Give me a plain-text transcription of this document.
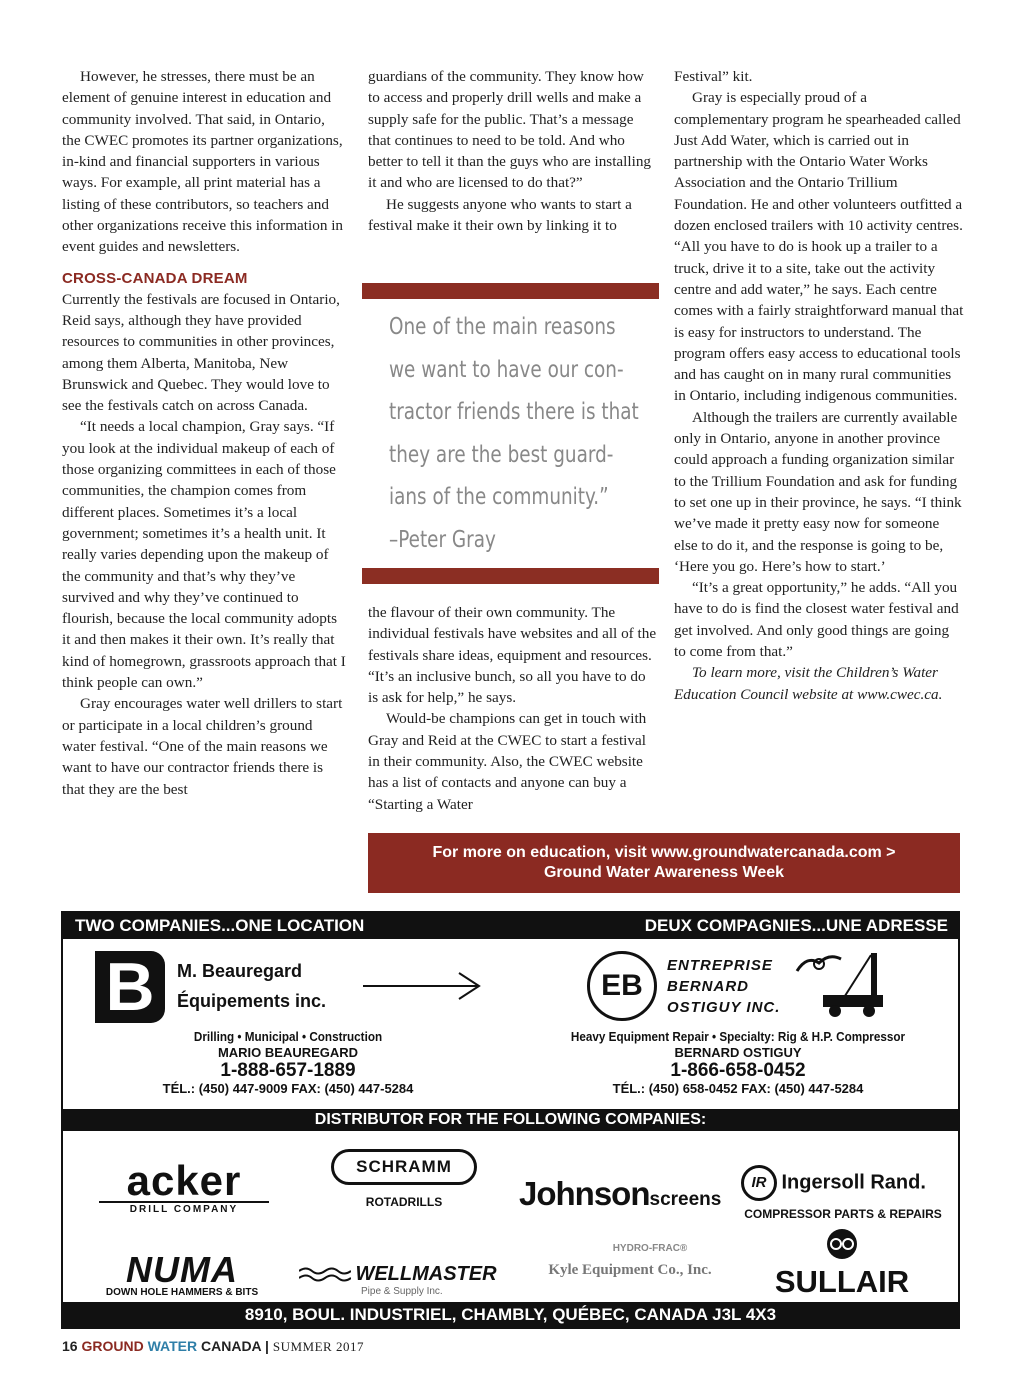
However, he stresses, there must be an element of genuine interest in education and community involved. That said, in Ontario, the CWEC promotes its partner organizations, in-kind and financial supporters in various ways. For example, all print material has a listing of these contributors, so teachers and other organizations receive this information in event guides and newsletters.

CROSS-CANADA DREAM

Currently the festivals are focused in Ontario, Reid says, although they have provided resources to communities in other provinces, among them Alberta, Manitoba, New Brunswick and Quebec. They would love to see the festivals catch on across Canada.

“It needs a local champion, Gray says. “If you look at the individual makeup of each of those organizing committees in each of those communities, the champion comes from different places. Sometimes it’s a local government; sometimes it’s a health unit. It really varies depending upon the makeup of the community and that’s why they’ve survived and why they’ve continued to flourish, because the local community adopts it and then makes it their own. It’s really that kind of homegrown, grassroots approach that I think people can own.”

Gray encourages water well drillers to start or participate in a local children’s ground water festival. “One of the main reasons we want to have our contractor friends there is that they are the best

guardians of the community. They know how to access and properly drill wells and make a supply safe for the public. That’s a message that continues to need to be told. And who better to tell it than the guys who are installing it and who are licensed to do that?”

He suggests anyone who wants to start a festival make it their own by linking it to

One of the main reasons
we want to have our con-
tractor friends there is that
they are the best guard-
ians of the community.”
–Peter Gray

the flavour of their own community. The individual festivals have websites and all of the festivals share ideas, equipment and resources. “It’s an inclusive bunch, so all you have to do is ask for help,” he says.

Would-be champions can get in touch with Gray and Reid at the CWEC to start a festival in their community. Also, the CWEC website has a list of contacts and anyone can buy a “Starting a Water

Festival” kit.

Gray is especially proud of a complementary program he spearheaded called Just Add Water, which is carried out in partnership with the Ontario Water Works Association and the Ontario Trillium Foundation. He and other volunteers outfitted a dozen enclosed trailers with 10 activity centres. “All you have to do is hook up a trailer to a truck, drive it to a site, take out the activity centre and add water,” he says. Each centre comes with a fairly straightforward manual that is easy for instructors to understand. The program offers easy access to educational tools and has caught on in many rural communities in Ontario, including indigenous communities.

Although the trailers are currently available only in Ontario, anyone in another province could approach a funding organization similar to the Trillium Foundation and ask for funding to set one up in their province, he says. “I think we’ve made it pretty easy now for someone else to do it, and the response is going to be, ‘Here you go. Here’s how to start.’

“It’s a great opportunity,” he adds. “All you have to do is find the closest water festival and get involved. And only good things are going to come from that.”

To learn more, visit the Children’s Water Education Council website at www.cwec.ca.

For more on education, visit www.groundwatercanada.com >
Ground Water Awareness Week
TWO COMPANIES...ONE LOCATION	DEUX COMPAGNIES...UNE ADRESSE
B	M. Beauregard
Équipements inc.	EB
ENTREPRISE
BERNARD
OSTIGUY INC.
Drilling • Municipal • Construction
MARIO BEAUREGARD
1-888-657-1889
TÉL.: (450) 447-9009 FAX: (450) 447-5284
Heavy Equipment Repair • Specialty: Rig & H.P. Compressor
BERNARD OSTIGUY
1-866-658-0452
TÉL.: (450) 658-0452 FAX: (450) 447-5284
DISTRIBUTOR FOR THE FOLLOWING COMPANIES:
acker
DRILL COMPANY
SCHRAMM
ROTADRILLS	Johnsonscreens
IR Ingersoll Rand.
COMPRESSOR PARTS & REPAIRS
NUMA
DOWN HOLE HAMMERS & BITS
WELLMASTER
Pipe & Supply Inc.
HYDRO-FRAC®
Kyle Equipment Co., Inc.	SULLAIR
8910, BOUL. INDUSTRIEL, CHAMBLY, QUÉBEC, CANADA J3L 4X3
16 GROUND WATER CANADA | SUMMER 2017
